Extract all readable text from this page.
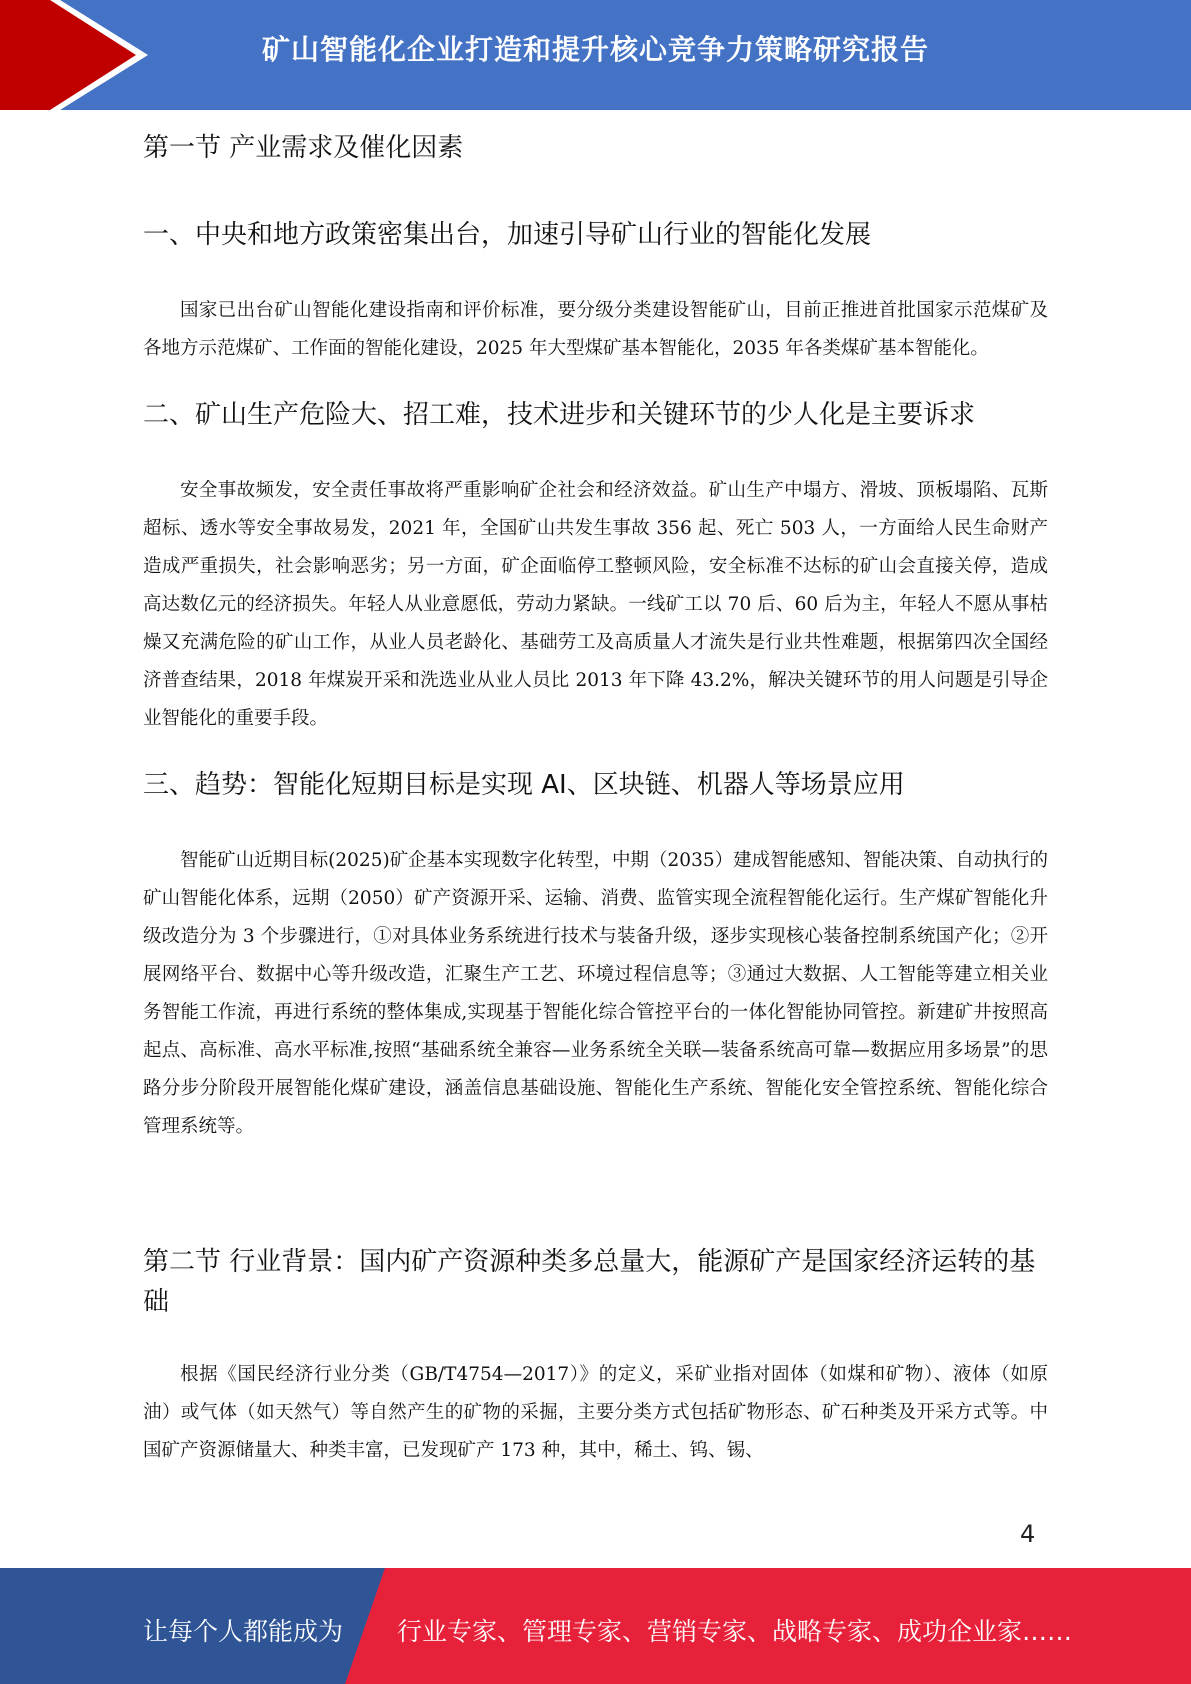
矿山智能化企业打造和提升核心竞争力策略研究报告
第一节 产业需求及催化因素
一、中央和地方政策密集出台，加速引导矿山行业的智能化发展

国家已出台矿山智能化建设指南和评价标准，要分级分类建设智能矿山，目前正推进首批国家示范煤矿及各地方示范煤矿、工作面的智能化建设，2025 年大型煤矿基本智能化，2035 年各类煤矿基本智能化。

二、矿山生产危险大、招工难，技术进步和关键环节的少人化是主要诉求

安全事故频发，安全责任事故将严重影响矿企社会和经济效益。矿山生产中塌方、滑坡、顶板塌陷、瓦斯超标、透水等安全事故易发，2021 年，全国矿山共发生事故 356 起、死亡 503 人，一方面给人民生命财产造成严重损失，社会影响恶劣；另一方面，矿企面临停工整顿风险，安全标准不达标的矿山会直接关停，造成高达数亿元的经济损失。年轻人从业意愿低，劳动力紧缺。一线矿工以 70 后、60 后为主，年轻人不愿从事枯燥又充满危险的矿山工作，从业人员老龄化、基础劳工及高质量人才流失是行业共性难题，根据第四次全国经济普查结果，2018 年煤炭开采和洗选业从业人员比 2013 年下降 43.2%，解决关键环节的用人问题是引导企业智能化的重要手段。

三、趋势：智能化短期目标是实现 AI、区块链、机器人等场景应用

智能矿山近期目标(2025)矿企基本实现数字化转型，中期（2035）建成智能感知、智能决策、自动执行的矿山智能化体系，远期（2050）矿产资源开采、运输、消费、监管实现全流程智能化运行。生产煤矿智能化升级改造分为 3 个步骤进行，①对具体业务系统进行技术与装备升级，逐步实现核心装备控制系统国产化；②开展网络平台、数据中心等升级改造，汇聚生产工艺、环境过程信息等；③通过大数据、人工智能等建立相关业务智能工作流，再进行系统的整体集成,实现基于智能化综合管控平台的一体化智能协同管控。新建矿井按照高起点、高标准、高水平标准,按照“基础系统全兼容—业务系统全关联—装备系统高可靠—数据应用多场景”的思路分步分阶段开展智能化煤矿建设，涵盖信息基础设施、智能化生产系统、智能化安全管控系统、智能化综合管理系统等。

第二节 行业背景：国内矿产资源种类多总量大，能源矿产是国家经济运转的基础

根据《国民经济行业分类（GB/T4754—2017）》的定义，采矿业指对固体（如煤和矿物）、液体（如原油）或气体（如天然气）等自然产生的矿物的采掘，主要分类方式包括矿物形态、矿石种类及开采方式等。中国矿产资源储量大、种类丰富，已发现矿产 173 种，其中，稀土、钨、锡、

4
让每个人都能成为 行业专家、管理专家、营销专家、战略专家、成功企业家……
